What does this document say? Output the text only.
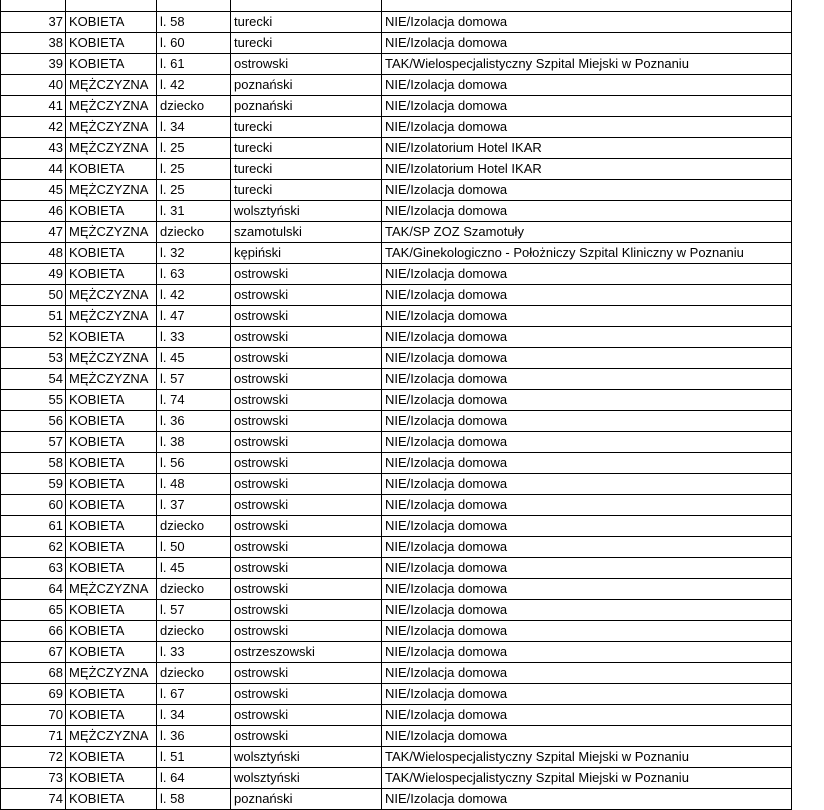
37	KOBIETA	l. 58	turecki	NIE/Izolacja domowa
38	KOBIETA	l. 60	turecki	NIE/Izolacja domowa
39	KOBIETA	l. 61	ostrowski	TAK/Wielospecjalistyczny Szpital Miejski w Poznaniu
40	MĘŻCZYZNA	l. 42	poznański	NIE/Izolacja domowa
41	MĘŻCZYZNA	dziecko	poznański	NIE/Izolacja domowa
42	MĘŻCZYZNA	l. 34	turecki	NIE/Izolacja domowa
43	MĘŻCZYZNA	l. 25	turecki	NIE/Izolatorium Hotel IKAR
44	KOBIETA	l. 25	turecki	NIE/Izolatorium Hotel IKAR
45	MĘŻCZYZNA	l. 25	turecki	NIE/Izolacja domowa
46	KOBIETA	l. 31	wolsztyński	NIE/Izolacja domowa
47	MĘŻCZYZNA	dziecko	szamotulski	TAK/SP ZOZ Szamotuły
48	KOBIETA	l. 32	kępiński	TAK/Ginekologiczno - Położniczy Szpital Kliniczny w Poznaniu
49	KOBIETA	l. 63	ostrowski	NIE/Izolacja domowa
50	MĘŻCZYZNA	l. 42	ostrowski	NIE/Izolacja domowa
51	MĘŻCZYZNA	l. 47	ostrowski	NIE/Izolacja domowa
52	KOBIETA	l. 33	ostrowski	NIE/Izolacja domowa
53	MĘŻCZYZNA	l. 45	ostrowski	NIE/Izolacja domowa
54	MĘŻCZYZNA	l. 57	ostrowski	NIE/Izolacja domowa
55	KOBIETA	l. 74	ostrowski	NIE/Izolacja domowa
56	KOBIETA	l. 36	ostrowski	NIE/Izolacja domowa
57	KOBIETA	l. 38	ostrowski	NIE/Izolacja domowa
58	KOBIETA	l. 56	ostrowski	NIE/Izolacja domowa
59	KOBIETA	l. 48	ostrowski	NIE/Izolacja domowa
60	KOBIETA	l. 37	ostrowski	NIE/Izolacja domowa
61	KOBIETA	dziecko	ostrowski	NIE/Izolacja domowa
62	KOBIETA	l. 50	ostrowski	NIE/Izolacja domowa
63	KOBIETA	l. 45	ostrowski	NIE/Izolacja domowa
64	MĘŻCZYZNA	dziecko	ostrowski	NIE/Izolacja domowa
65	KOBIETA	l. 57	ostrowski	NIE/Izolacja domowa
66	KOBIETA	dziecko	ostrowski	NIE/Izolacja domowa
67	KOBIETA	l. 33	ostrzeszowski	NIE/Izolacja domowa
68	MĘŻCZYZNA	dziecko	ostrowski	NIE/Izolacja domowa
69	KOBIETA	l. 67	ostrowski	NIE/Izolacja domowa
70	KOBIETA	l. 34	ostrowski	NIE/Izolacja domowa
71	MĘŻCZYZNA	l. 36	ostrowski	NIE/Izolacja domowa
72	KOBIETA	l. 51	wolsztyński	TAK/Wielospecjalistyczny Szpital Miejski w Poznaniu
73	KOBIETA	l. 64	wolsztyński	TAK/Wielospecjalistyczny Szpital Miejski w Poznaniu
74	KOBIETA	l. 58	poznański	NIE/Izolacja domowa
